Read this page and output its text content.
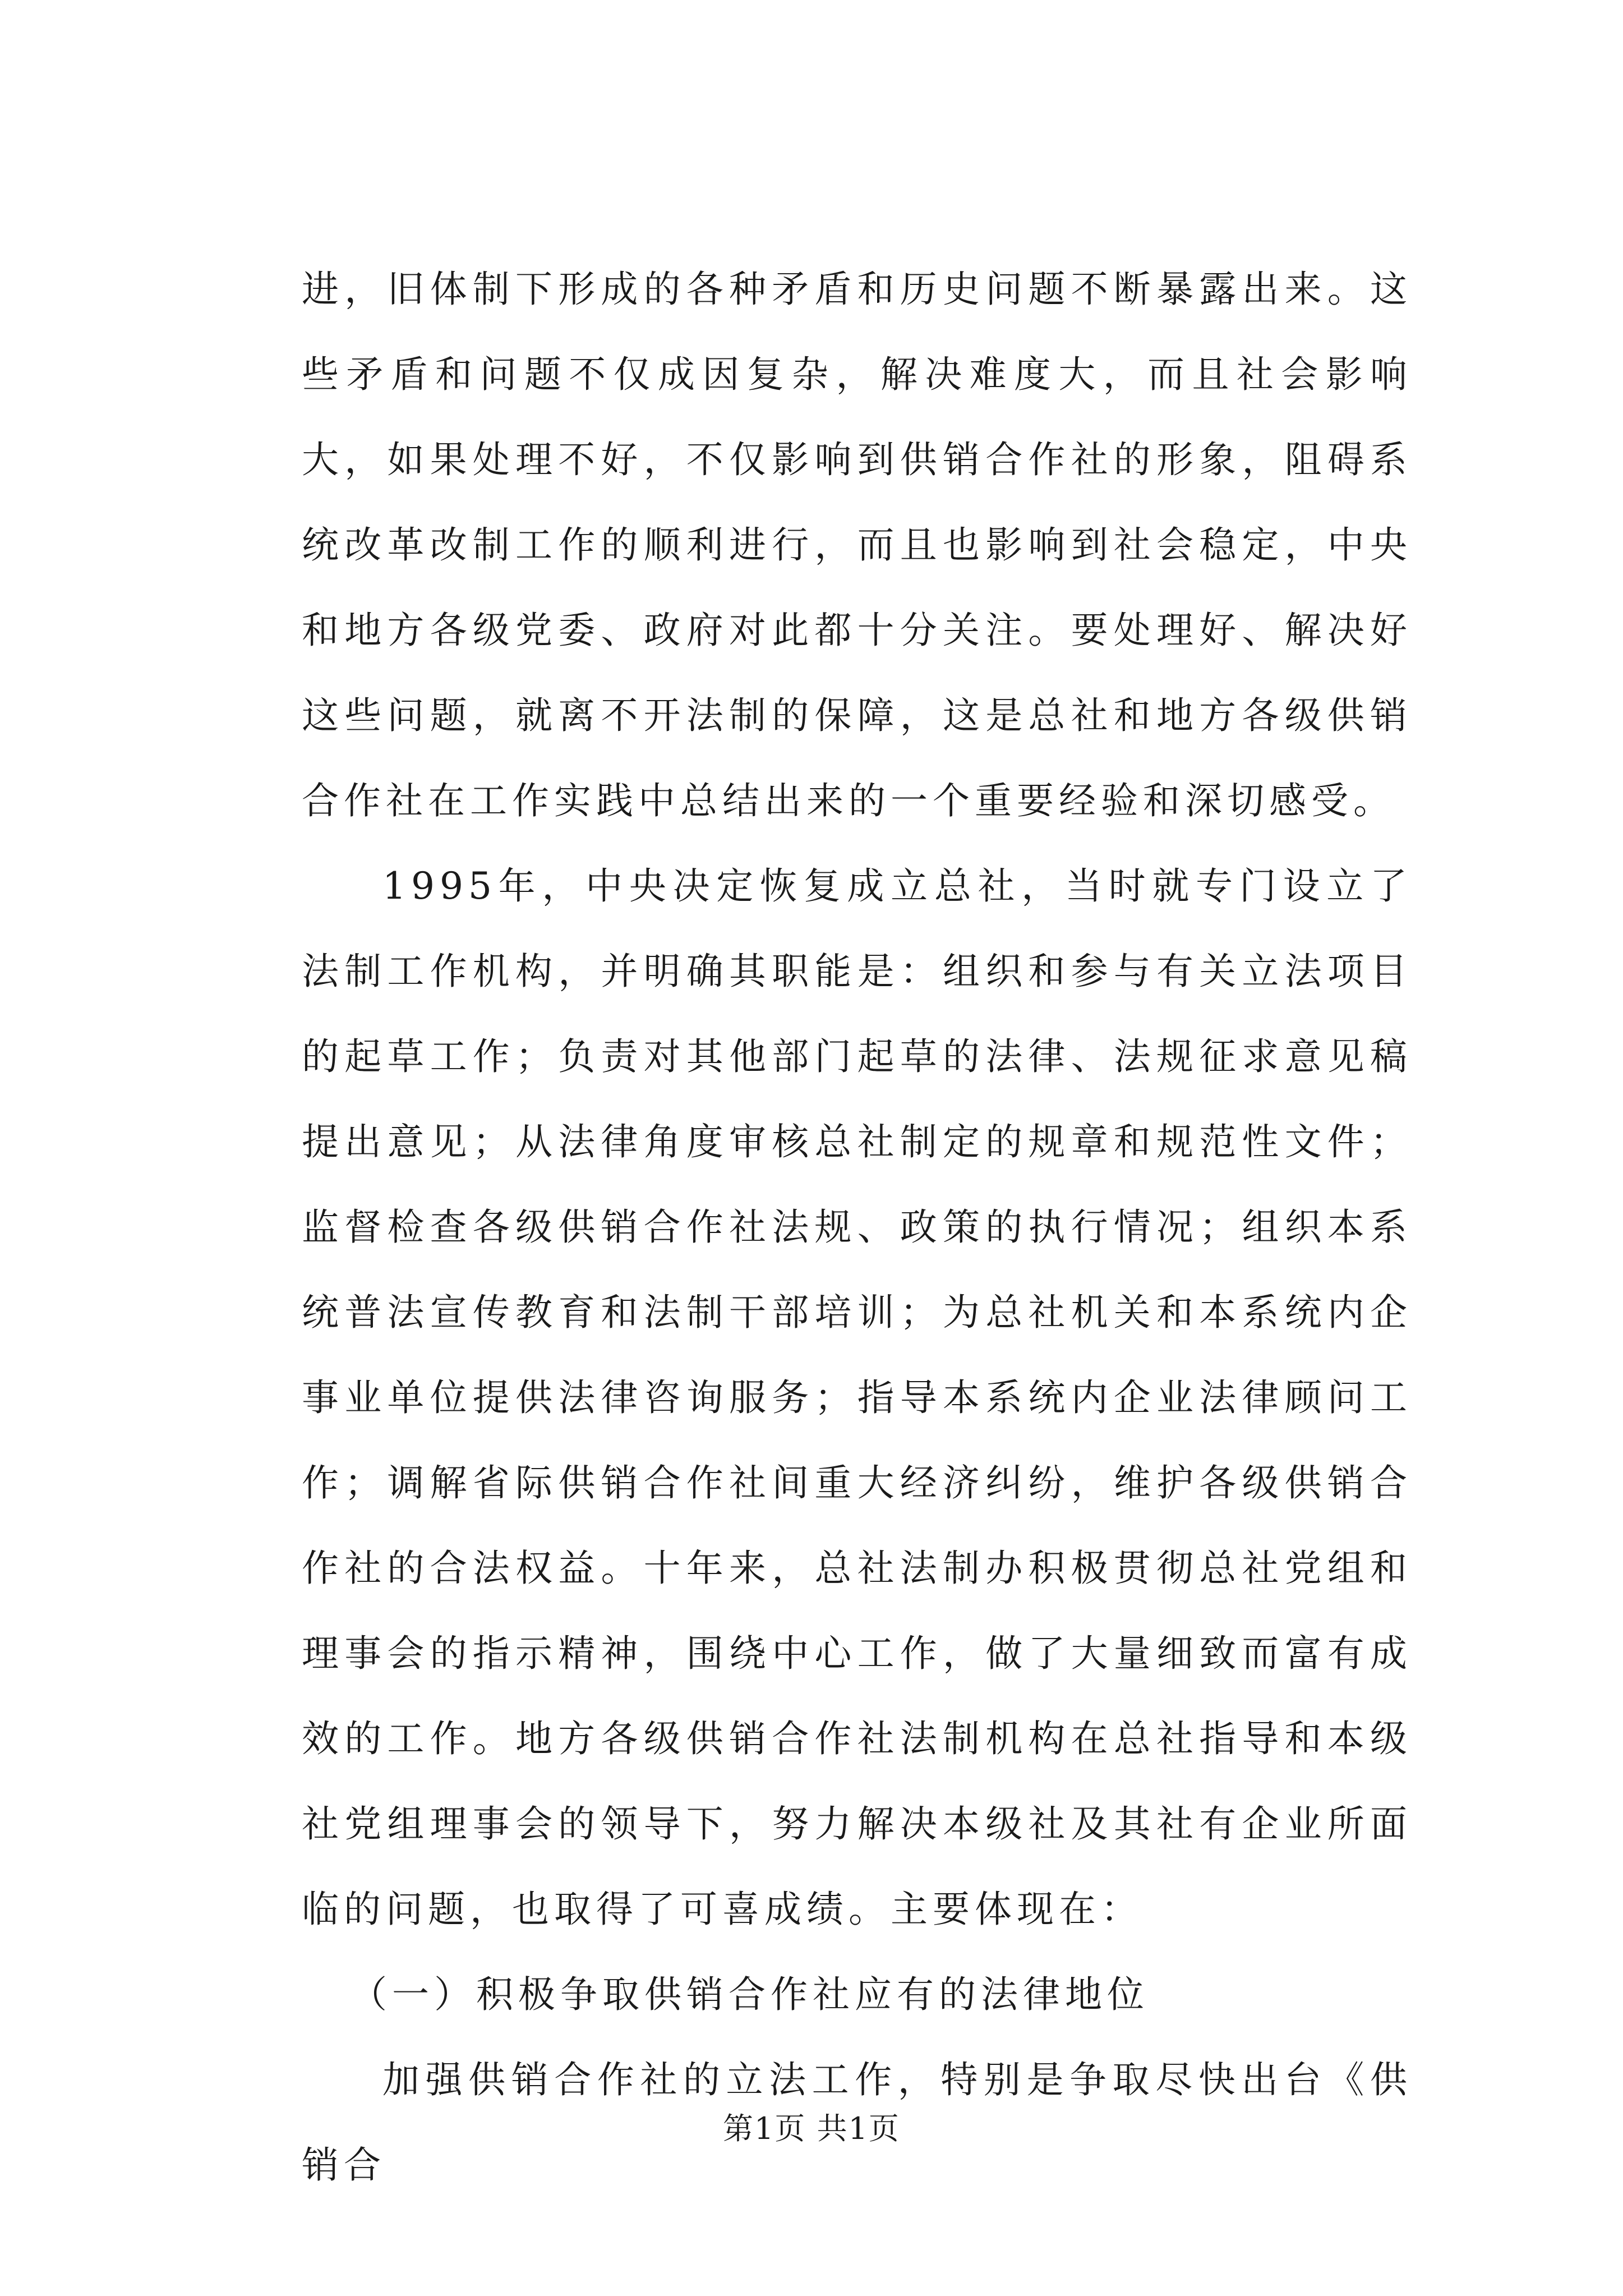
进，旧体制下形成的各种矛盾和历史问题不断暴露出来。这些矛盾和问题不仅成因复杂，解决难度大，而且社会影响大，如果处理不好，不仅影响到供销合作社的形象，阻碍系统改革改制工作的顺利进行，而且也影响到社会稳定，中央和地方各级党委、政府对此都十分关注。要处理好、解决好这些问题，就离不开法制的保障，这是总社和地方各级供销合作社在工作实践中总结出来的一个重要经验和深切感受。

1995年，中央决定恢复成立总社，当时就专门设立了法制工作机构，并明确其职能是：组织和参与有关立法项目的起草工作；负责对其他部门起草的法律、法规征求意见稿提出意见；从法律角度审核总社制定的规章和规范性文件；监督检查各级供销合作社法规、政策的执行情况；组织本系统普法宣传教育和法制干部培训；为总社机关和本系统内企事业单位提供法律咨询服务；指导本系统内企业法律顾问工作；调解省际供销合作社间重大经济纠纷，维护各级供销合作社的合法权益。十年来，总社法制办积极贯彻总社党组和理事会的指示精神，围绕中心工作，做了大量细致而富有成效的工作。地方各级供销合作社法制机构在总社指导和本级社党组理事会的领导下，努力解决本级社及其社有企业所面临的问题，也取得了可喜成绩。主要体现在：

（一）积极争取供销合作社应有的法律地位

加强供销合作社的立法工作，特别是争取尽快出台《供销合

第1页 共1页
